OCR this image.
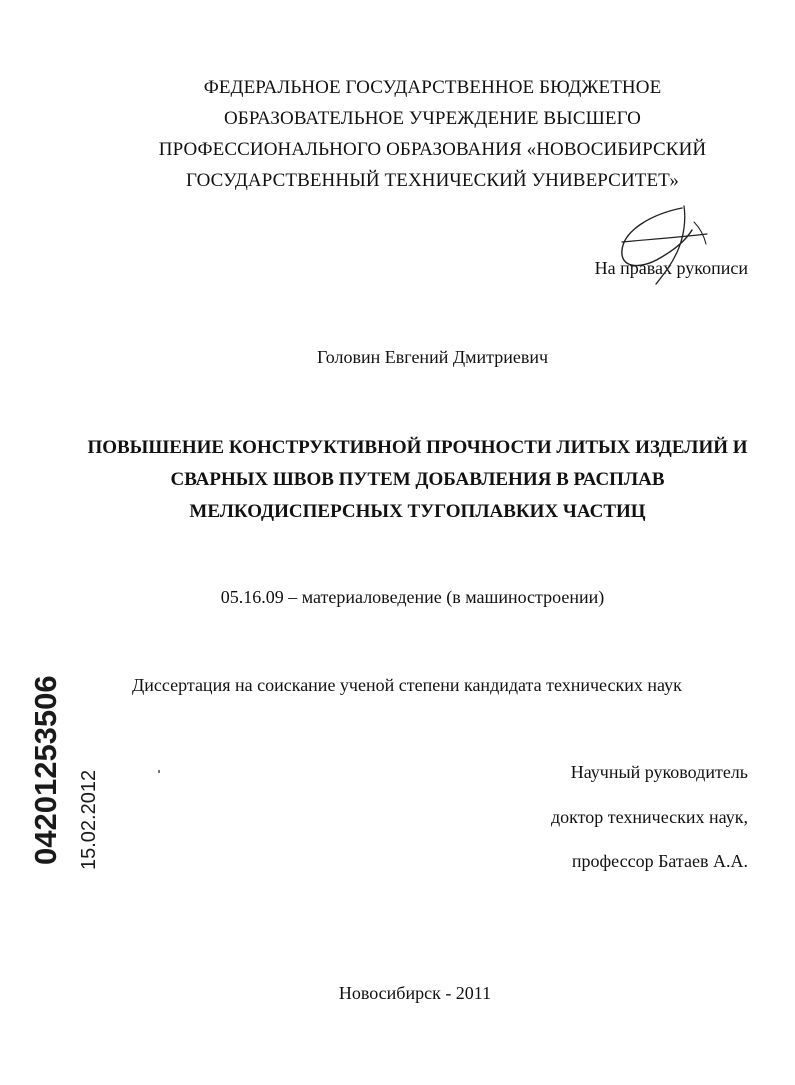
ФЕДЕРАЛЬНОЕ ГОСУДАРСТВЕННОЕ БЮДЖЕТНОЕ
ОБРАЗОВАТЕЛЬНОЕ УЧРЕЖДЕНИЕ ВЫСШЕГО
ПРОФЕССИОНАЛЬНОГО ОБРАЗОВАНИЯ «НОВОСИБИРСКИЙ
ГОСУДАРСТВЕННЫЙ ТЕХНИЧЕСКИЙ УНИВЕРСИТЕТ»
На правах рукописи
Головин Евгений Дмитриевич
ПОВЫШЕНИЕ КОНСТРУКТИВНОЙ ПРОЧНОСТИ ЛИТЫХ ИЗДЕЛИЙ И
СВАРНЫХ ШВОВ ПУТЕМ ДОБАВЛЕНИЯ В РАСПЛАВ
МЕЛКОДИСПЕРСНЫХ ТУГОПЛАВКИХ ЧАСТИЦ
05.16.09 – материаловедение (в машиностроении)
Диссертация на соискание ученой степени кандидата технических наук
Научный руководитель
доктор технических наук,
профессор Батаев А.А.
Новосибирск - 2011
04201253506 15.02.2012
